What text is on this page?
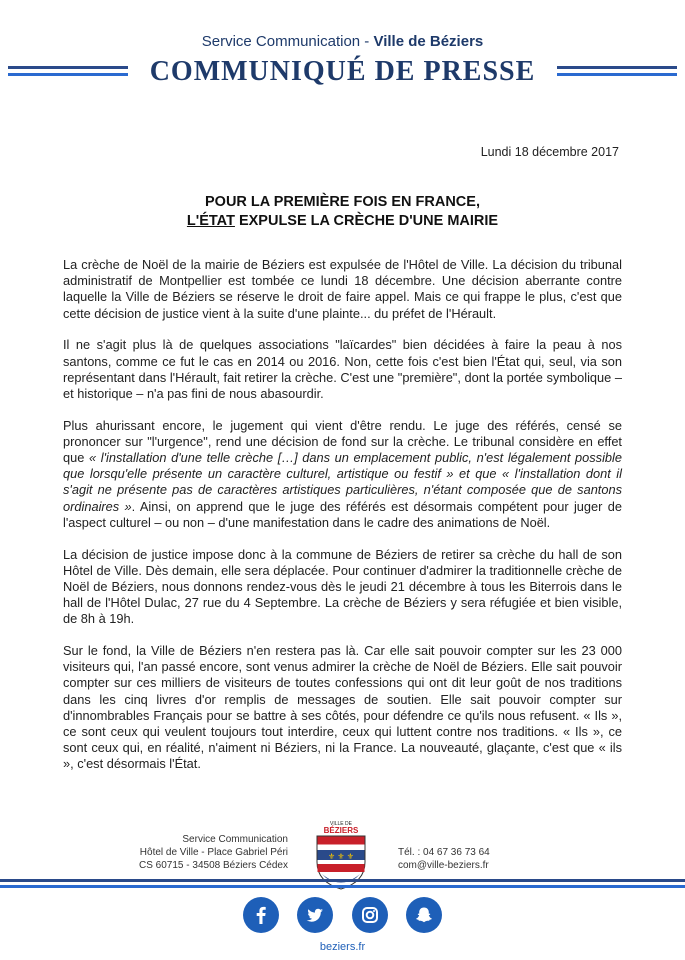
Service Communication - Ville de Béziers
COMMUNIQUÉ DE PRESSE
Lundi 18 décembre 2017
POUR LA PREMIÈRE FOIS EN FRANCE,
L'ÉTAT EXPULSE LA CRÈCHE D'UNE MAIRIE

La crèche de Noël de la mairie de Béziers est expulsée de l'Hôtel de Ville. La décision du tribunal administratif de Montpellier est tombée ce lundi 18 décembre. Une décision aberrante contre laquelle la Ville de Béziers se réserve le droit de faire appel. Mais ce qui frappe le plus, c'est que cette décision de justice vient à la suite d'une plainte... du préfet de l'Hérault.

Il ne s'agit plus là de quelques associations "laïcardes" bien décidées à faire la peau à nos santons, comme ce fut le cas en 2014 ou 2016. Non, cette fois c'est bien l'État qui, seul, via son représentant dans l'Hérault, fait retirer la crèche. C'est une "première", dont la portée symbolique – et historique – n'a pas fini de nous abasourdir.

Plus ahurissant encore, le jugement qui vient d'être rendu. Le juge des référés, censé se prononcer sur "l'urgence", rend une décision de fond sur la crèche. Le tribunal considère en effet que « l'installation d'une telle crèche […] dans un emplacement public, n'est légalement possible que lorsqu'elle présente un caractère culturel, artistique ou festif » et que « l'installation dont il s'agit ne présente pas de caractères artistiques particulières, n'étant composée que de santons ordinaires ». Ainsi, on apprend que le juge des référés est désormais compétent pour juger de l'aspect culturel – ou non – d'une manifestation dans le cadre des animations de Noël.

La décision de justice impose donc à la commune de Béziers de retirer sa crèche du hall de son Hôtel de Ville. Dès demain, elle sera déplacée. Pour continuer d'admirer la traditionnelle crèche de Noël de Béziers, nous donnons rendez-vous dès le jeudi 21 décembre à tous les Biterrois dans le hall de l'Hôtel Dulac, 27 rue du 4 Septembre. La crèche de Béziers y sera réfugiée et bien visible, de 8h à 19h.

Sur le fond, la Ville de Béziers n'en restera pas là. Car elle sait pouvoir compter sur les 23 000 visiteurs qui, l'an passé encore, sont venus admirer la crèche de Noël de Béziers. Elle sait pouvoir compter sur ces milliers de visiteurs de toutes confessions qui ont dit leur goût de nos traditions dans les cinq livres d'or remplis de messages de soutien. Elle sait pouvoir compter sur d'innombrables Français pour se battre à ses côtés, pour défendre ce qu'ils nous refusent. « Ils », ce sont ceux qui veulent toujours tout interdire, ceux qui luttent contre nos traditions. « Ils », ce sont ceux qui, en réalité, n'aiment ni Béziers, ni la France. La nouveauté, glaçante, c'est que « ils », c'est désormais l'État.

Service Communication
Hôtel de Ville - Place Gabriel Péri
CS 60715 - 34508 Béziers Cédex
VILLE DE
BÉZIERS
⚜ ⚜ ⚜	Tél. : 04 67 36 73 64
com@ville-beziers.fr

beziers.fr
